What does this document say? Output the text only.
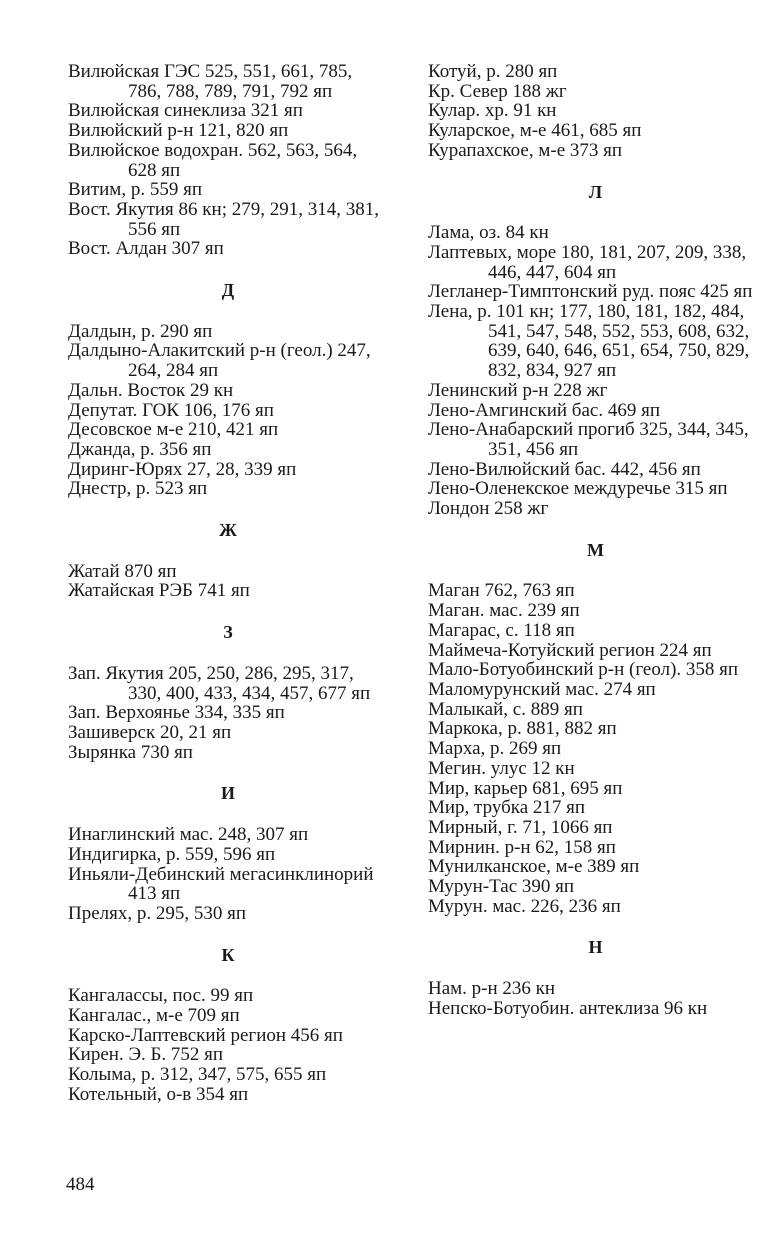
Вилюйская ГЭС 525, 551, 661, 785, 786, 788, 789, 791, 792 яп
Вилюйская синеклиза 321 яп
Вилюйский р-н 121, 820 яп
Вилюйское водохран. 562, 563, 564, 628 яп
Витим, р. 559 яп
Вост. Якутия 86 кн; 279, 291, 314, 381, 556 яп
Вост. Алдан 307 яп
Д
Далдын, р. 290 яп
Далдыно-Алакитский р-н (геол.) 247, 264, 284 яп
Дальн. Восток 29 кн
Депутат. ГОК 106, 176 яп
Десовское м-е 210, 421 яп
Джанда, р. 356 яп
Диринг-Юрях 27, 28, 339 яп
Днестр, р. 523 яп
Ж
Жатай 870 яп
Жатайская РЭБ 741 яп
З
Зап. Якутия 205, 250, 286, 295, 317, 330, 400, 433, 434, 457, 677 яп
Зап. Верхоянье 334, 335 яп
Зашиверск 20, 21 яп
Зырянка 730 яп
И
Инаглинский мас. 248, 307 яп
Индигирка, р. 559, 596 яп
Иньяли-Дебинский мегасинклинорий 413 яп
Прелях, р. 295, 530 яп
К
Кангалассы, пос. 99 яп
Кангалас., м-е 709 яп
Карско-Лаптевский регион 456 яп
Кирен. Э. Б. 752 яп
Колыма, р. 312, 347, 575, 655 яп
Котельный, о-в 354 яп
Котуй, р. 280 яп
Кр. Север 188 жг
Кулар. хр. 91 кн
Куларское, м-е 461, 685 яп
Курапахское, м-е 373 яп
Л
Лама, оз. 84 кн
Лаптевых, море 180, 181, 207, 209, 338, 446, 447, 604 яп
Легланер-Тимптонский руд. пояс 425 яп
Лена, р. 101 кн; 177, 180, 181, 182, 484, 541, 547, 548, 552, 553, 608, 632, 639, 640, 646, 651, 654, 750, 829, 832, 834, 927 яп
Ленинский р-н 228 жг
Лено-Амгинский бас. 469 яп
Лено-Анабарский прогиб 325, 344, 345, 351, 456 яп
Лено-Вилюйский бас. 442, 456 яп
Лено-Оленекское междуречье 315 яп
Лондон 258 жг
М
Маган 762, 763 яп
Маган. мас. 239 яп
Магарас, с. 118 яп
Маймеча-Котуйский регион 224 яп
Мало-Ботуобинский р-н (геол). 358 яп
Маломурунский мас. 274 яп
Малыкай, с. 889 яп
Маркока, р. 881, 882 яп
Марха, р. 269 яп
Мегин. улус 12 кн
Мир, карьер 681, 695 яп
Мир, трубка 217 яп
Мирный, г. 71, 1066 яп
Мирнин. р-н 62, 158 яп
Мунилканское, м-е 389 яп
Мурун-Тас 390 яп
Мурун. мас. 226, 236 яп
Н
Нам. р-н 236 кн
Непско-Ботуобин. антеклиза 96 кн
484
